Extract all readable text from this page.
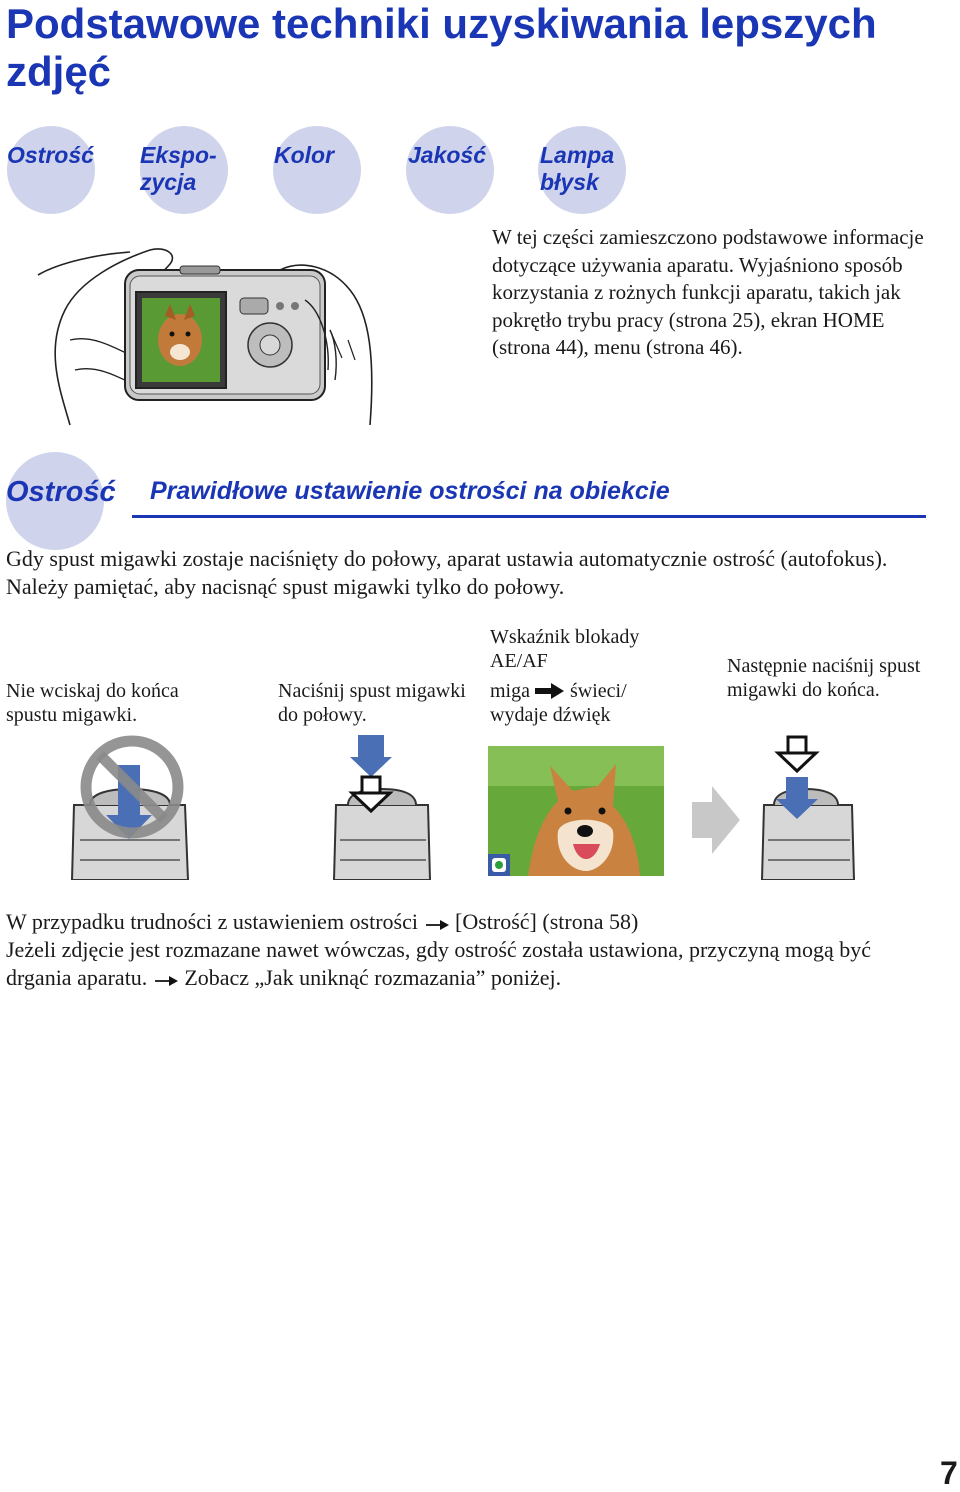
Podstawowe techniki uzyskiwania lepszych zdjęć
Ostrość Ekspo-
zycja
Kolor	Jakość Lampa
błysk
W tej części zamieszczono podstawowe informacje dotyczące używania aparatu. Wyjaśniono sposób korzystania z rożnych funkcji aparatu, takich jak pokrętło trybu pracy (strona 25), ekran HOME (strona 44), menu (strona 46).
Ostrość Prawidłowe ustawienie ostrości na obiekcie
Gdy spust migawki zostaje naciśnięty do połowy, aparat ustawia automatycznie ostrość (autofokus). Należy pamiętać, aby nacisnąć spust migawki tylko do połowy.
Nie wciskaj do końca spustu migawki.
Naciśnij spust migawki do połowy.
Wskaźnik blokady AE/AF
miga świeci/
wydaje dźwięk
Następnie naciśnij spust migawki do końca.
W przypadku trudności z ustawieniem ostrości [Ostrość] (strona 58)
Jeżeli zdjęcie jest rozmazane nawet wówczas, gdy ostrość została ustawiona, przyczyną mogą być drgania aparatu. Zobacz „Jak uniknąć rozmazania” poniżej.
7
